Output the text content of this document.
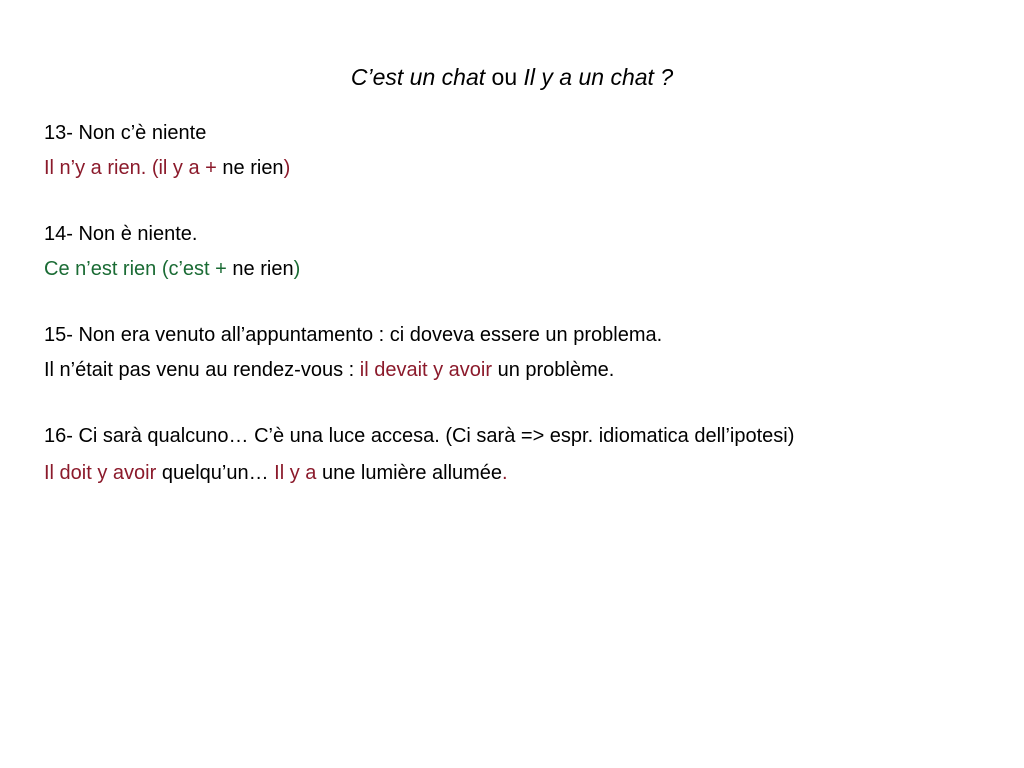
C’est un chat ou Il y a un chat ?

13- Non c’è niente

Il n’y a rien. (il y a + ne rien)

14- Non è niente.

Ce n’est rien (c’est + ne rien)

15- Non era venuto all’appuntamento : ci doveva essere un problema.

Il n’était pas venu au rendez-vous : il devait y avoir un problème.

16- Ci sarà qualcuno… C’è una luce accesa. (Ci sarà => espr. idiomatica dell’ipotesi)

Il doit y avoir quelqu’un… Il y a une lumière allumée.
